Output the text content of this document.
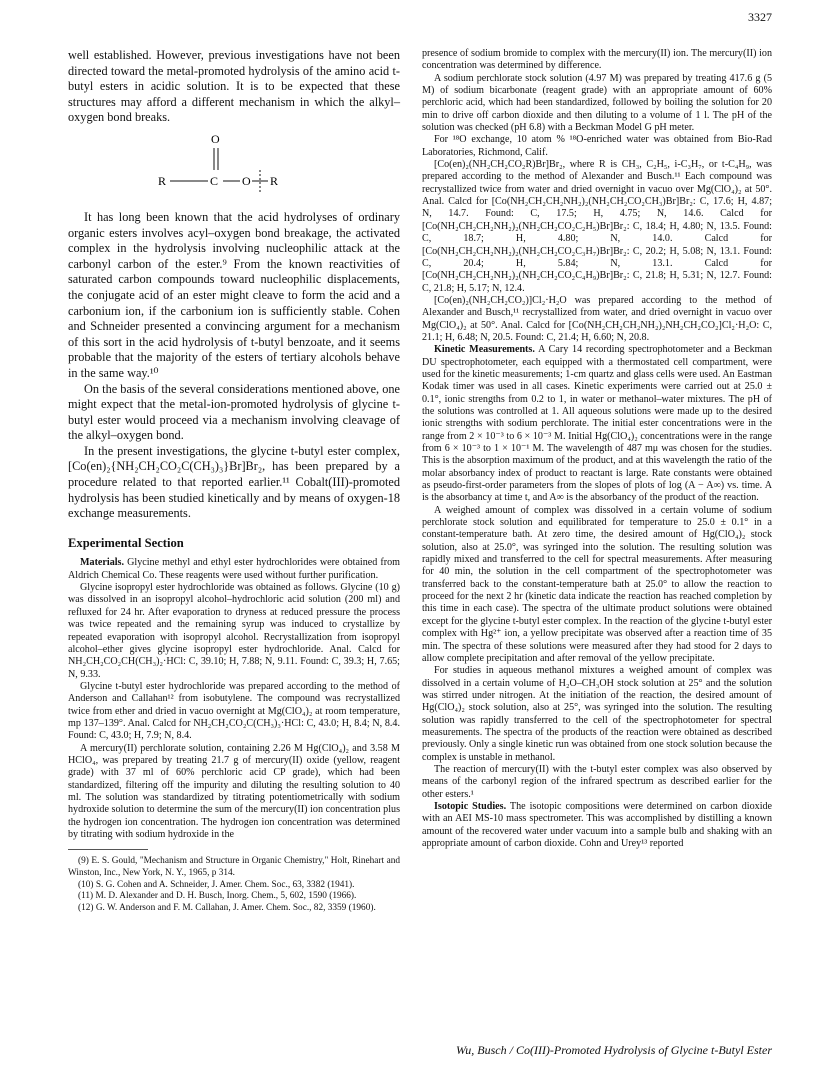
3327

well established. However, previous investigations have not been directed toward the metal-promoted hydrolysis of the amino acid t-butyl esters in acidic solution. It is to be expected that these structures may afford a different mechanism in which the alkyl–oxygen bond breaks.

O
R	C O R

It has long been known that the acid hydrolyses of ordinary organic esters involves acyl–oxygen bond breakage, the activated complex in the hydrolysis involving nucleophilic attack at the carbonyl carbon of the ester.⁹ From the known reactivities of saturated carbon compounds toward nucleophilic displacements, the conjugate acid of an ester might cleave to form the acid and a carbonium ion, if the carbonium ion is sufficiently stable. Cohen and Schneider presented a convincing argument for a mechanism of this sort in the acid hydrolysis of t-butyl benzoate, and it seems probable that the majority of the esters of tertiary alcohols behave in the same way.¹⁰

On the basis of the several considerations mentioned above, one might expect that the metal-ion-promoted hydrolysis of glycine t-butyl ester would proceed via a mechanism involving cleavage of the alkyl–oxygen bond.

In the present investigations, the glycine t-butyl ester complex, [Co(en)₂{NH₂CH₂CO₂C(CH₃)₃}Br]Br₂, has been prepared by a procedure related to that reported earlier.¹¹ Cobalt(III)-promoted hydrolysis has been studied kinetically and by means of oxygen-18 exchange measurements.

Experimental Section

Materials. Glycine methyl and ethyl ester hydrochlorides were obtained from Aldrich Chemical Co. These reagents were used without further purification.

Glycine isopropyl ester hydrochloride was obtained as follows. Glycine (10 g) was dissolved in an isopropyl alcohol–hydrochloric acid solution (200 ml) and refluxed for 24 hr. After evaporation to dryness at reduced pressure the process was twice repeated and the remaining syrup was induced to crystallize by repeated evaporation with isopropyl alcohol. Recrystallization from isopropyl alcohol–ether gives glycine isopropyl ester hydrochloride. Anal. Calcd for NH₂CH₂CO₂CH(CH₃)₂·HCl: C, 39.10; H, 7.88; N, 9.11. Found: C, 39.3; H, 7.65; N, 9.33.

Glycine t-butyl ester hydrochloride was prepared according to the method of Anderson and Callahan¹² from isobutylene. The compound was recrystallized twice from ether and dried in vacuo overnight at Mg(ClO₄)₂ at room temperature, mp 137–139°. Anal. Calcd for NH₂CH₂CO₂C(CH₃)₃·HCl: C, 43.0; H, 8.4; N, 8.4. Found: C, 43.0; H, 7.9; N, 8.4.

A mercury(II) perchlorate solution, containing 2.26 M Hg(ClO₄)₂ and 3.58 M HClO₄, was prepared by treating 21.7 g of mercury(II) oxide (yellow, reagent grade) with 37 ml of 60% perchloric acid CP grade), which had been standardized, filtering off the impurity and diluting the resulting solution to 40 ml. The solution was standardized by titrating potentiometrically with sodium hydroxide solution to determine the sum of the mercury(II) ion concentration plus the hydrogen ion concentration. The hydrogen ion concentration was determined by titrating with sodium hydroxide in the

(9) E. S. Gould, "Mechanism and Structure in Organic Chemistry," Holt, Rinehart and Winston, Inc., New York, N. Y., 1965, p 314.

(10) S. G. Cohen and A. Schneider, J. Amer. Chem. Soc., 63, 3382 (1941).

(11) M. D. Alexander and D. H. Busch, Inorg. Chem., 5, 602, 1590 (1966).

(12) G. W. Anderson and F. M. Callahan, J. Amer. Chem. Soc., 82, 3359 (1960).

presence of sodium bromide to complex with the mercury(II) ion. The mercury(II) ion concentration was determined by difference.

A sodium perchlorate stock solution (4.97 M) was prepared by treating 417.6 g (5 M) of sodium bicarbonate (reagent grade) with an appropriate amount of 60% perchloric acid, which had been standardized, followed by boiling the solution for 20 min to drive off carbon dioxide and then diluting to a volume of 1 l. The pH of the solution was checked (pH 6.8) with a Beckman Model G pH meter.

For ¹⁸O exchange, 10 atom % ¹⁸O-enriched water was obtained from Bio-Rad Laboratories, Richmond, Calif.

[Co(en)₂(NH₂CH₂CO₂R)Br]Br₂, where R is CH₃, C₂H₅, i-C₃H₇, or t-C₄H₉, was prepared according to the method of Alexander and Busch.¹¹ Each compound was recrystallized twice from water and dried overnight in vacuo over Mg(ClO₄)₂ at 50°. Anal. Calcd for [Co(NH₂CH₂CH₂NH₂)₂(NH₂CH₂CO₂CH₃)Br]Br₂: C, 17.6; H, 4.87; N, 14.7. Found: C, 17.5; H, 4.75; N, 14.6. Calcd for [Co(NH₂CH₂CH₂NH₂)₂(NH₂CH₂CO₂C₂H₅)Br]Br₂: C, 18.4; H, 4.80; N, 13.5. Found: C, 18.7; H, 4.80; N, 14.0. Calcd for [Co(NH₂CH₂CH₂NH₂)₂(NH₂CH₂CO₂C₃H₇)Br]Br₂: C, 20.2; H, 5.08; N, 13.1. Found: C, 20.4; H, 5.84; N, 13.1. Calcd for [Co(NH₂CH₂CH₂NH₂)₂(NH₂CH₂CO₂C₄H₉)Br]Br₂: C, 21.8; H, 5.31; N, 12.7. Found: C, 21.8; H, 5.17; N, 12.4.

[Co(en)₂(NH₂CH₂CO₂)]Cl₂·H₂O was prepared according to the method of Alexander and Busch,¹¹ recrystallized from water, and dried overnight in vacuo over Mg(ClO₄)₂ at 50°. Anal. Calcd for [Co(NH₂CH₂CH₂NH₂)₂NH₂CH₂CO₂]Cl₂·H₂O: C, 21.1; H, 6.48; N, 20.5. Found: C, 21.4; H, 6.60; N, 20.8.

Kinetic Measurements. A Cary 14 recording spectrophotometer and a Beckman DU spectrophotometer, each equipped with a thermostated cell compartment, were used for the kinetic measurements; 1-cm quartz and glass cells were used. An Eastman Kodak timer was used in all cases. Kinetic experiments were carried out at 25.0 ± 0.1°, ionic strengths from 0.2 to 1, in water or methanol–water mixtures. The pH of the solutions was controlled at 1. All aqueous solutions were made up to the desired ionic strengths with sodium perchlorate. The initial ester concentrations were in the range from 2 × 10⁻³ to 6 × 10⁻³ M. Initial Hg(ClO₄)₂ concentrations were in the range from 6 × 10⁻³ to 1 × 10⁻¹ M. The wavelength of 487 mμ was chosen for the studies. This is the absorption maximum of the product, and at this wavelength the ratio of the molar absorbancy index of product to reactant is large. Rate constants were obtained as pseudo-first-order parameters from the slopes of plots of log (A − A∞) vs. time. A is the absorbancy at time t, and A∞ is the absorbancy of the product of the reaction.

A weighed amount of complex was dissolved in a certain volume of sodium perchlorate stock solution and equilibrated for temperature to 25.0 ± 0.1° in a constant-temperature bath. At zero time, the desired amount of Hg(ClO₄)₂ stock solution, also at 25.0°, was syringed into the solution. The resulting solution was rapidly mixed and transferred to the cell for spectral measurements. After measuring for 40 min, the solution in the cell compartment of the spectrophotometer was transferred back to the constant-temperature bath at 25.0° to allow the reaction to proceed for the next 2 hr (kinetic data indicate the reaction has reached completion by this time in each case). The spectra of the ultimate product solutions were obtained except for the glycine t-butyl ester complex. In the reaction of the glycine t-butyl ester complex with Hg²⁺ ion, a yellow precipitate was observed after a reaction time of 35 min. The spectra of these solutions were measured after they had stood for 2 days to allow complete precipitation and after removal of the yellow precipitate.

For studies in aqueous methanol mixtures a weighed amount of complex was dissolved in a certain volume of H₂O–CH₃OH stock solution at 25° and the solution was stirred under nitrogen. At the initiation of the reaction, the desired amount of Hg(ClO₄)₂ stock solution, also at 25°, was syringed into the solution. The resulting solution was rapidly transferred to the cell of the spectrophotometer for spectral measurements. The spectra of the products of the reaction were obtained as described previously. Only a single kinetic run was obtained from one stock solution because the complex is unstable in methanol.

The reaction of mercury(II) with the t-butyl ester complex was also observed by means of the carbonyl region of the infrared spectrum as described earlier for the other esters.¹

Isotopic Studies. The isotopic compositions were determined on carbon dioxide with an AEI MS-10 mass spectrometer. This was accomplished by distilling a known amount of the recovered water under vacuum into a sample bulb and shaking with an appropriate amount of carbon dioxide. Cohn and Urey¹³ reported

Wu, Busch / Co(III)-Promoted Hydrolysis of Glycine t-Butyl Ester
